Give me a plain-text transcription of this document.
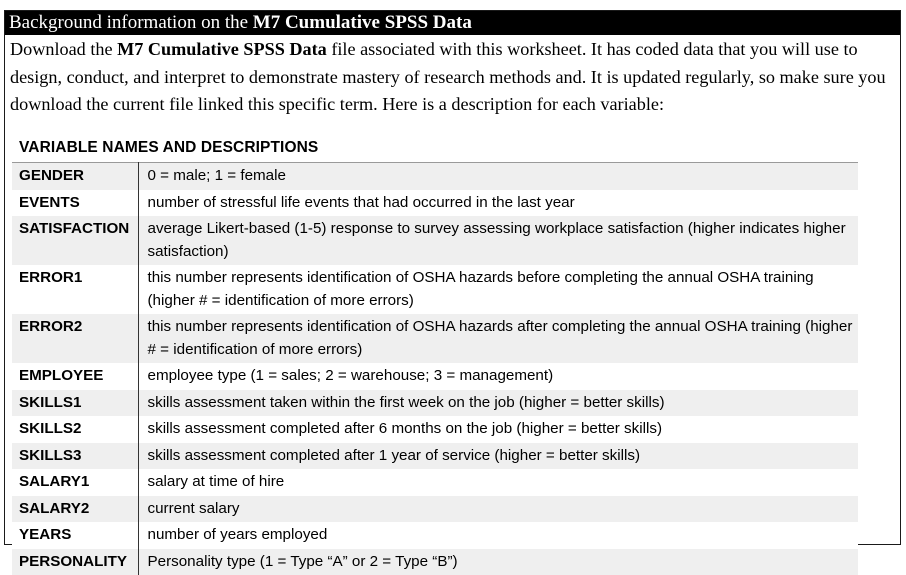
Background information on the M7 Cumulative SPSS Data

Download the M7 Cumulative SPSS Data file associated with this worksheet. It has coded data that you will use to design, conduct, and interpret to demonstrate mastery of research methods and. It is updated regularly, so make sure you download the current file linked this specific term. Here is a description for each variable:

VARIABLE NAMES AND DESCRIPTIONS
GENDER	0 = male; 1 = female
EVENTS	number of stressful life events that had occurred in the last year
SATISFACTION	average Likert-based (1-5) response to survey assessing workplace satisfaction (higher indicates higher satisfaction)
ERROR1	this number represents identification of OSHA hazards before completing the annual OSHA training (higher # = identification of more errors)
ERROR2	this number represents identification of OSHA hazards after completing the annual OSHA training (higher # = identification of more errors)
EMPLOYEE	employee type (1 = sales; 2 = warehouse; 3 = management)
SKILLS1	skills assessment taken within the first week on the job (higher = better skills)
SKILLS2	skills assessment completed after 6 months on the job (higher = better skills)
SKILLS3	skills assessment completed after 1 year of service (higher = better skills)
SALARY1	salary at time of hire
SALARY2	current salary
YEARS	number of years employed
PERSONALITY	Personality type (1 = Type “A” or 2 = Type “B”)
